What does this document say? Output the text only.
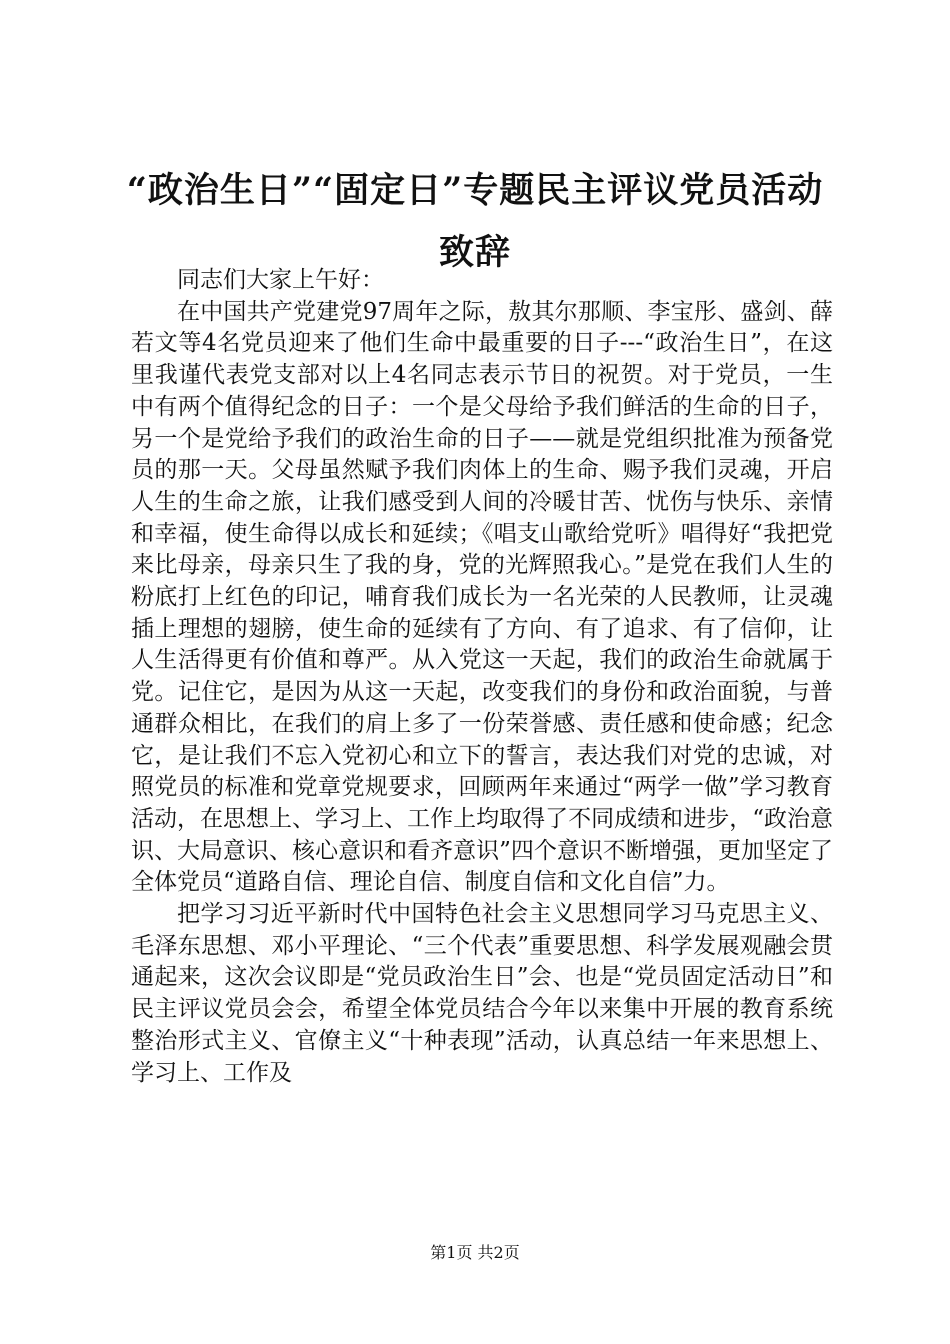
“政治生日”“固定日”专题民主评议党员活动致辞

同志们大家上午好：

在中国共产党建党97周年之际，敖其尔那顺、李宝彤、盛剑、薛若文等4名党员迎来了他们生命中最重要的日子---“政治生日”，在这里我谨代表党支部对以上4名同志表示节日的祝贺。对于党员，一生中有两个值得纪念的日子：一个是父母给予我们鲜活的生命的日子，另一个是党给予我们的政治生命的日子——就是党组织批准为预备党员的那一天。父母虽然赋予我们肉体上的生命、赐予我们灵魂，开启人生的生命之旅，让我们感受到人间的冷暖甘苦、忧伤与快乐、亲情和幸福，使生命得以成长和延续；《唱支山歌给党听》唱得好“我把党来比母亲，母亲只生了我的身，党的光辉照我心。”是党在我们人生的粉底打上红色的印记，哺育我们成长为一名光荣的人民教师，让灵魂插上理想的翅膀，使生命的延续有了方向、有了追求、有了信仰，让人生活得更有价值和尊严。从入党这一天起，我们的政治生命就属于党。记住它，是因为从这一天起，改变我们的身份和政治面貌，与普通群众相比，在我们的肩上多了一份荣誉感、责任感和使命感；纪念它，是让我们不忘入党初心和立下的誓言，表达我们对党的忠诚，对照党员的标准和党章党规要求，回顾两年来通过“两学一做”学习教育活动，在思想上、学习上、工作上均取得了不同成绩和进步，“政治意识、大局意识、核心意识和看齐意识”四个意识不断增强，更加坚定了全体党员“道路自信、理论自信、制度自信和文化自信”力。

把学习习近平新时代中国特色社会主义思想同学习马克思主义、毛泽东思想、邓小平理论、“三个代表”重要思想、科学发展观融会贯通起来，这次会议即是“党员政治生日”会、也是“党员固定活动日”和民主评议党员会会，希望全体党员结合今年以来集中开展的教育系统整治形式主义、官僚主义“十种表现”活动，认真总结一年来思想上、学习上、工作及

第1页 共2页
